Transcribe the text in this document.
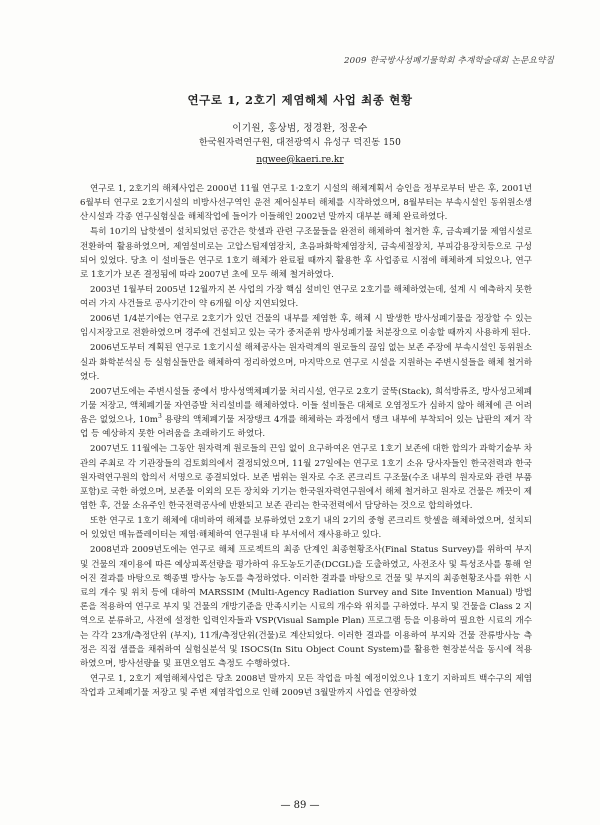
2009 한국방사성폐기물학회 추계학술대회 논문요약집
연구로 1, 2호기 제염해체 사업 최종 현황
이기원, 홍상범, 정경환, 정운수
한국원자력연구원, 대전광역시 유성구 덕진동 150
ngwee@kaeri.re.kr

연구로 1, 2호기의 해체사업은 2000년 11월 연구로 1·2호기 시설의 해체계획서 승인을 정부로부터 받은 후, 2001년 6월부터 연구로 2호기시설의 비방사선구역인 운전 제어실부터 해체를 시작하였으며, 8월부터는 부속시설인 동위원소생산시설과 각종 연구실험실을 해체작업에 들어가 이들해인 2002년 말까지 대부분 해체 완료하였다.

특히 10기의 납핫셀이 설치되었던 공간은 핫셀과 관련 구조물들을 완전히 해체하여 철거한 후, 금속폐기물 제염시설로 전환하여 활용하였으며, 제염설비로는 고압스팀제염장치, 초음파화학제염장치, 금속세절장치, 부피감용장치등으로 구성되어 있었다. 당초 이 설비들은 연구로 1호기 해체가 완료될 때까지 활용한 후 사업종료 시점에 해체하게 되었으나, 연구로 1호기가 보존 결정됨에 따라 2007년 초에 모두 해체 철거하였다.

2003년 1월부터 2005년 12월까지 본 사업의 가장 핵심 설비인 연구로 2호기를 해체하였는데, 설계 시 예측하지 못한 여러 가지 사건들로 공사기간이 약 6개월 이상 지연되었다.

2006년 1/4분기에는 연구로 2호기가 있던 건물의 내부를 제염한 후, 해체 시 발생한 방사성폐기물을 정장할 수 있는 임시저장고로 전환하였으며 경주에 건설되고 있는 국가 중저준위 방사성폐기물 처분장으로 이송할 때까지 사용하게 된다.

2006년도부터 계획된 연구로 1호기시설 해체공사는 원자력계의 원로들의 끊임 없는 보존 주장에 부속시설인 동위원소실과 화학분석실 등 실험실들만을 해체하여 정리하였으며, 마지막으로 연구로 시설을 지원하는 주변시설들을 해체 철거하였다.

2007년도에는 주변시설들 중에서 방사성액체폐기물 처리시설, 연구로 2호기 굴뚝(Stack), 희석방류조, 방사성고체폐기물 저장고, 액체폐기물 자연증발 처리설비를 해체하였다. 이들 설비들은 대체로 오염정도가 심하지 않아 해체에 큰 어려움은 없었으나, $10m^3$ 용량의 액체폐기물 저장탱크 4개를 해체하는 과정에서 탱크 내부에 부착되어 있는 납판의 제거 작업 등 예상하지 못한 어려움을 초래하기도 하였다.

2007년도 11월에는 그동안 원자력계 원로들의 끈임 없이 요구하여온 연구로 1호기 보존에 대한 합의가 과학기술부 차관의 주최로 각 기관장들의 검토회의에서 결정되었으며, 11월 27일에는 연구로 1호기 소유 당사자들인 한국전력과 한국원자력연구원의 합의서 서명으로 종결되었다. 보존 범위는 원자로 수조 콘크리트 구조물(수조 내부의 원자로와 관련 부품 포함)로 국한 하였으며, 보존물 이외의 모든 장치와 기기는 한국원자력연구원에서 해체 철거하고 원자로 건물은 깨끗이 제염한 후, 건물 소유주인 한국전력공사에 반환되고 보존 관리는 한국전력에서 담당하는 것으로 합의하였다.

또한 연구로 1호기 해체에 대비하여 해체를 보류하였던 2호기 내의 2기의 중형 콘크리트 핫셀을 해체하였으며, 설치되어 있었던 매뉴플레이터는 제염·해체하여 연구원내 타 부서에서 재사용하고 있다.

2008년과 2009년도에는 연구로 해체 프로젝트의 최종 단계인 최종현황조사(Final Status Survey)를 위하여 부지 및 건물의 재이용에 따른 예상피폭선량을 평가하여 유도농도기준(DCGL)을 도출하였고, 사전조사 및 특성조사를 통해 얻어진 결과를 바탕으로 핵종별 방사능 농도를 측정하였다. 이러한 결과를 바탕으로 건물 및 부지의 최종현황조사를 위한 시료의 개수 및 위치 등에 대하여 MARSSIM (Multi-Agency Radiation Survey and Site Invention Manual) 방법론을 적용하여 연구로 부지 및 건물의 개방기준을 만족시키는 시료의 개수와 위치를 구하였다. 부지 및 건물을 Class 2 지역으로 분류하고, 사전에 설정한 입력인자들과 VSP(Visual Sample Plan) 프로그램 등을 이용하여 필요한 시료의 개수는 각각 23개/측정단위 (부지), 11개/측정단위(건물)로 계산되었다. 이러한 결과를 이용하여 부지와 건물 잔류방사능 측정은 직접 샘플을 채취하여 실험실분석 및 ISOCS(In Situ Object Count System)를 활용한 현장분석을 동시에 적용하였으며, 방사선량율 및 표면오염도 측정도 수행하였다.

연구로 1, 2호기 제염해체사업은 당초 2008년 말까지 모든 작업을 마칠 예정이었으나 1호기 지하피트 백수구의 제염작업과 고체폐기물 저장고 및 주변 제염작업으로 인해 2009년 3월말까지 사업을 연장하였

— 89 —
